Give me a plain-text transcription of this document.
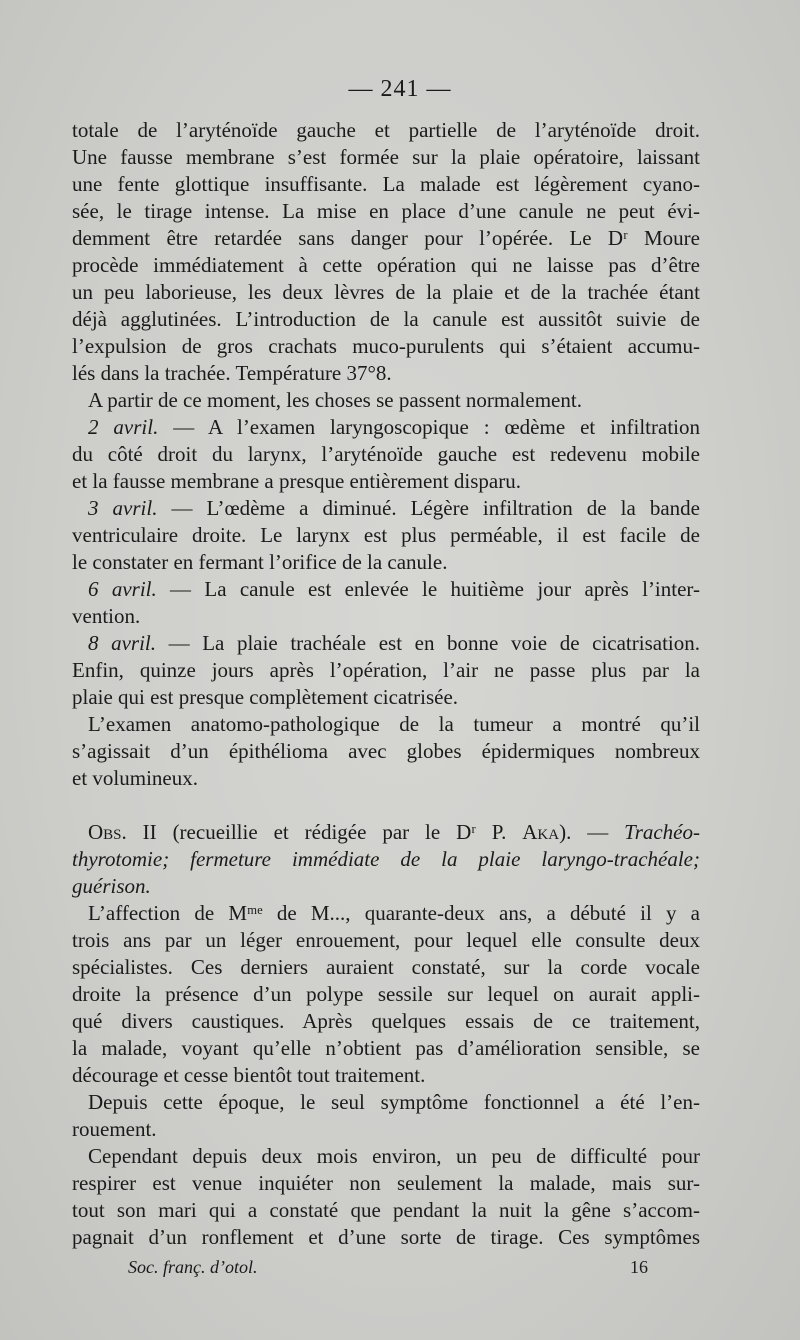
— 241 —
totale de l’aryténoïde gauche et partielle de l’aryténoïde droit.
Une fausse membrane s’est formée sur la plaie opératoire, laissant
une fente glottique insuffisante. La malade est légèrement cyano-
sée, le tirage intense. La mise en place d’une canule ne peut évi-
demment être retardée sans danger pour l’opérée. Le Dʳ Moure
procède immédiatement à cette opération qui ne laisse pas d’être
un peu laborieuse, les deux lèvres de la plaie et de la trachée étant
déjà agglutinées. L’introduction de la canule est aussitôt suivie de
l’expulsion de gros crachats muco-purulents qui s’étaient accumu-
lés dans la trachée. Température 37°8.
A partir de ce moment, les choses se passent normalement.
2 avril. — A l’examen laryngoscopique : œdème et infiltration
du côté droit du larynx, l’aryténoïde gauche est redevenu mobile
et la fausse membrane a presque entièrement disparu.
3 avril. — L’œdème a diminué. Légère infiltration de la bande
ventriculaire droite. Le larynx est plus perméable, il est facile de
le constater en fermant l’orifice de la canule.
6 avril. — La canule est enlevée le huitième jour après l’inter-
vention.
8 avril. — La plaie trachéale est en bonne voie de cicatrisation.
Enfin, quinze jours après l’opération, l’air ne passe plus par la
plaie qui est presque complètement cicatrisée.
L’examen anatomo-pathologique de la tumeur a montré qu’il
s’agissait d’un épithélioma avec globes épidermiques nombreux
et volumineux.
Obs. II (recueillie et rédigée par le Dʳ P. Aka). — Trachéo-
thyrotomie; fermeture immédiate de la plaie laryngo-trachéale;
guérison.
L’affection de Mᵐᵉ de M..., quarante-deux ans, a débuté il y a
trois ans par un léger enrouement, pour lequel elle consulte deux
spécialistes. Ces derniers auraient constaté, sur la corde vocale
droite la présence d’un polype sessile sur lequel on aurait appli-
qué divers caustiques. Après quelques essais de ce traitement,
la malade, voyant qu’elle n’obtient pas d’amélioration sensible, se
décourage et cesse bientôt tout traitement.
Depuis cette époque, le seul symptôme fonctionnel a été l’en-
rouement.
Cependant depuis deux mois environ, un peu de difficulté pour
respirer est venue inquiéter non seulement la malade, mais sur-
tout son mari qui a constaté que pendant la nuit la gêne s’accom-
pagnait d’un ronflement et d’une sorte de tirage. Ces symptômes
Soc. franç. d’otol.	16
